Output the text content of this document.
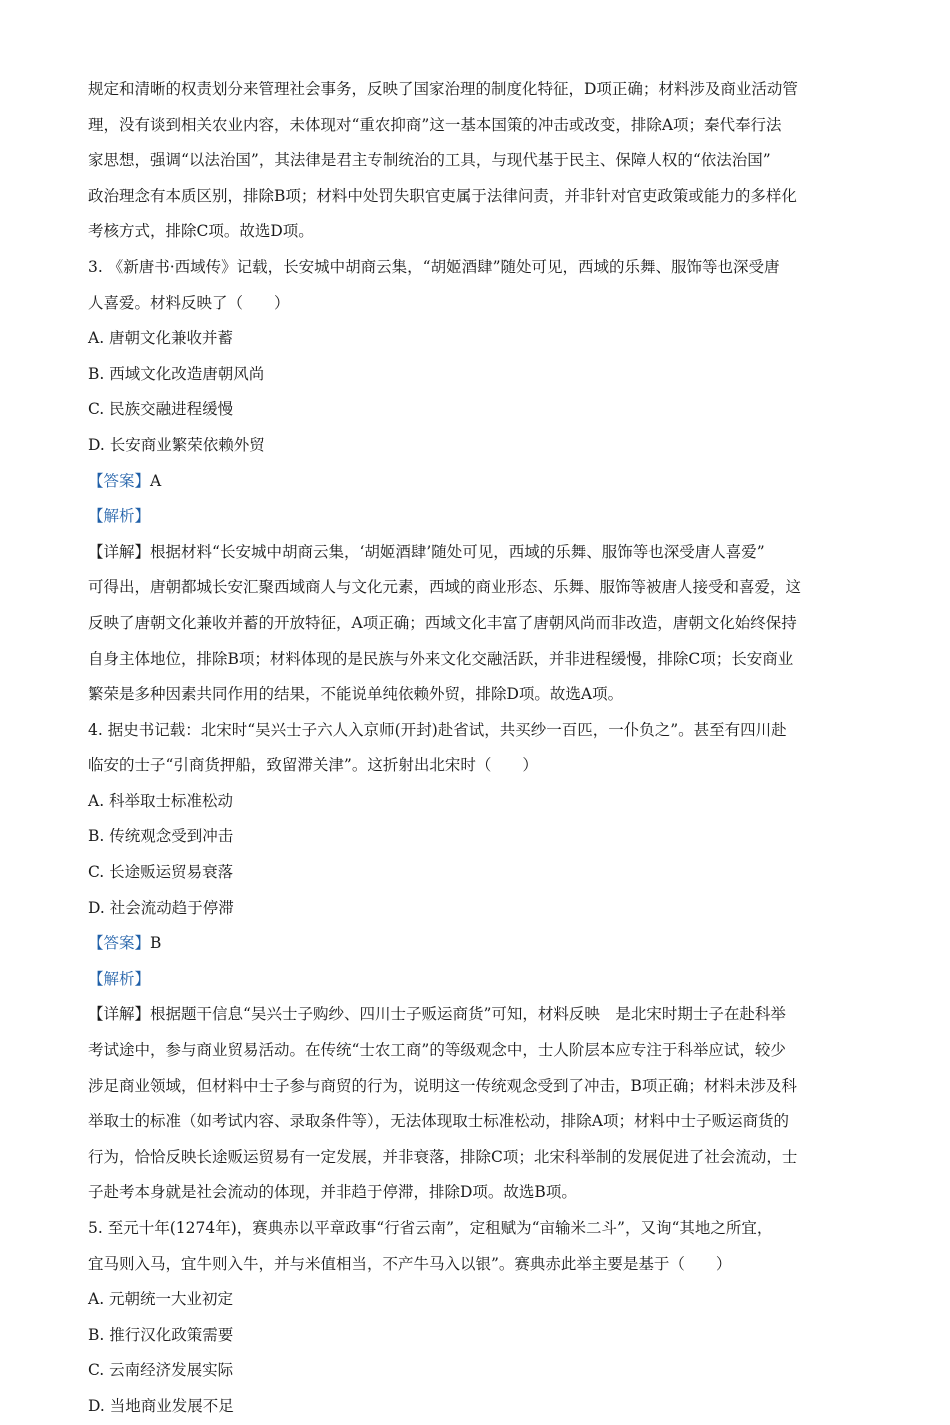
规定和清晰的权责划分来管理社会事务，反映了国家治理的制度化特征，D项正确；材料涉及商业活动管
理，没有谈到相关农业内容，未体现对“重农抑商”这一基本国策的冲击或改变，排除A项；秦代奉行法
家思想，强调“以法治国”，其法律是君主专制统治的工具，与现代基于民主、保障人权的“依法治国”
政治理念有本质区别，排除B项；材料中处罚失职官吏属于法律问责，并非针对官吏政策或能力的多样化
考核方式，排除C项。故选D项。
3. 《新唐书·西域传》记载，长安城中胡商云集，“胡姬酒肆”随处可见，西域的乐舞、服饰等也深受唐
人喜爱。材料反映了（　　）
A. 唐朝文化兼收并蓄
B. 西域文化改造唐朝风尚
C. 民族交融进程缓慢
D. 长安商业繁荣依赖外贸
【答案】A
【解析】
【详解】根据材料“长安城中胡商云集，‘胡姬酒肆’随处可见，西域的乐舞、服饰等也深受唐人喜爱”
可得出，唐朝都城长安汇聚西域商人与文化元素，西域的商业形态、乐舞、服饰等被唐人接受和喜爱，这
反映了唐朝文化兼收并蓄的开放特征，A项正确；西域文化丰富了唐朝风尚而非改造，唐朝文化始终保持
自身主体地位，排除B项；材料体现的是民族与外来文化交融活跃，并非进程缓慢，排除C项；长安商业
繁荣是多种因素共同作用的结果，不能说单纯依赖外贸，排除D项。故选A项。
4. 据史书记载：北宋时“吴兴士子六人入京师(开封)赴省试，共买纱一百匹，一仆负之”。甚至有四川赴
临安的士子“引商货押船，致留滞关津”。这折射出北宋时（　　）
A. 科举取士标准松动
B. 传统观念受到冲击
C. 长途贩运贸易衰落
D. 社会流动趋于停滞
【答案】B
【解析】
【详解】根据题干信息“吴兴士子购纱、四川士子贩运商货”可知，材料反映　是北宋时期士子在赴科举
考试途中，参与商业贸易活动。在传统“士农工商”的等级观念中，士人阶层本应专注于科举应试，较少
涉足商业领域，但材料中士子参与商贸的行为，说明这一传统观念受到了冲击，B项正确；材料未涉及科
举取士的标准（如考试内容、录取条件等），无法体现取士标准松动，排除A项；材料中士子贩运商货的
行为，恰恰反映长途贩运贸易有一定发展，并非衰落，排除C项；北宋科举制的发展促进了社会流动，士
子赴考本身就是社会流动的体现，并非趋于停滞，排除D项。故选B项。
5. 至元十年(1274年)，赛典赤以平章政事“行省云南”，定租赋为“亩输米二斗”，又询“其地之所宜，
宜马则入马，宜牛则入牛，并与米值相当，不产牛马入以银”。赛典赤此举主要是基于（　　）
A. 元朝统一大业初定
B. 推行汉化政策需要
C. 云南经济发展实际
D. 当地商业发展不足
